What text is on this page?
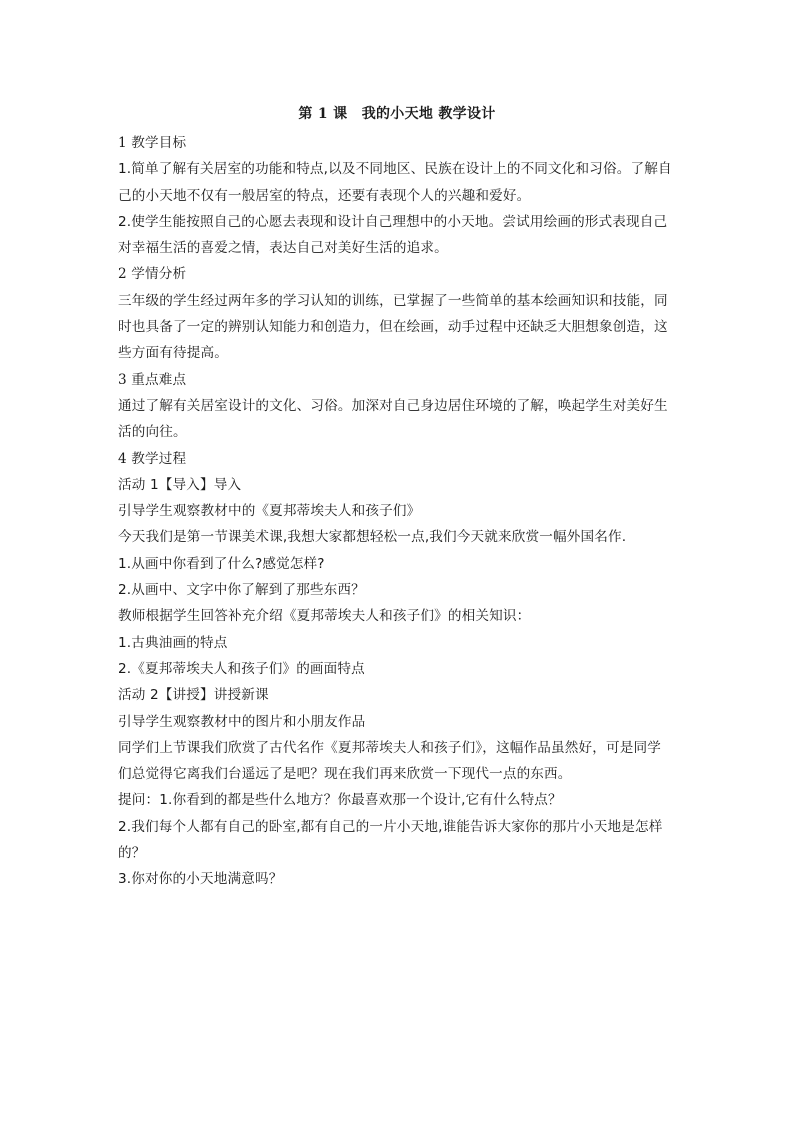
第 1 课　我的小天地 教学设计
1 教学目标
1.简单了解有关居室的功能和特点,以及不同地区、民族在设计上的不同文化和习俗。了解自
己的小天地不仅有一般居室的特点，还要有表现个人的兴趣和爱好。
2.使学生能按照自己的心愿去表现和设计自己理想中的小天地。尝试用绘画的形式表现自己
对幸福生活的喜爱之情，表达自己对美好生活的追求。
2 学情分析
三年级的学生经过两年多的学习认知的训练，已掌握了一些简单的基本绘画知识和技能，同
时也具备了一定的辨别认知能力和创造力，但在绘画，动手过程中还缺乏大胆想象创造，这
些方面有待提高。
3 重点难点
通过了解有关居室设计的文化、习俗。加深对自己身边居住环境的了解，唤起学生对美好生
活的向往。
4 教学过程
活动 1【导入】导入
引导学生观察教材中的《夏邦蒂埃夫人和孩子们》
今天我们是第一节课美术课,我想大家都想轻松一点,我们今天就来欣赏一幅外国名作.
1.从画中你看到了什么?感觉怎样?
2.从画中、文字中你了解到了那些东西？
教师根据学生回答补充介绍《夏邦蒂埃夫人和孩子们》的相关知识：
1.古典油画的特点
2.《夏邦蒂埃夫人和孩子们》的画面特点
活动 2【讲授】讲授新课
引导学生观察教材中的图片和小朋友作品
同学们上节课我们欣赏了古代名作《夏邦蒂埃夫人和孩子们》，这幅作品虽然好，可是同学
们总觉得它离我们台遥远了是吧？现在我们再来欣赏一下现代一点的东西。
提问：1.你看到的都是些什么地方？你最喜欢那一个设计,它有什么特点？
2.我们每个人都有自己的卧室,都有自己的一片小天地,谁能告诉大家你的那片小天地是怎样
的？
3.你对你的小天地满意吗？
